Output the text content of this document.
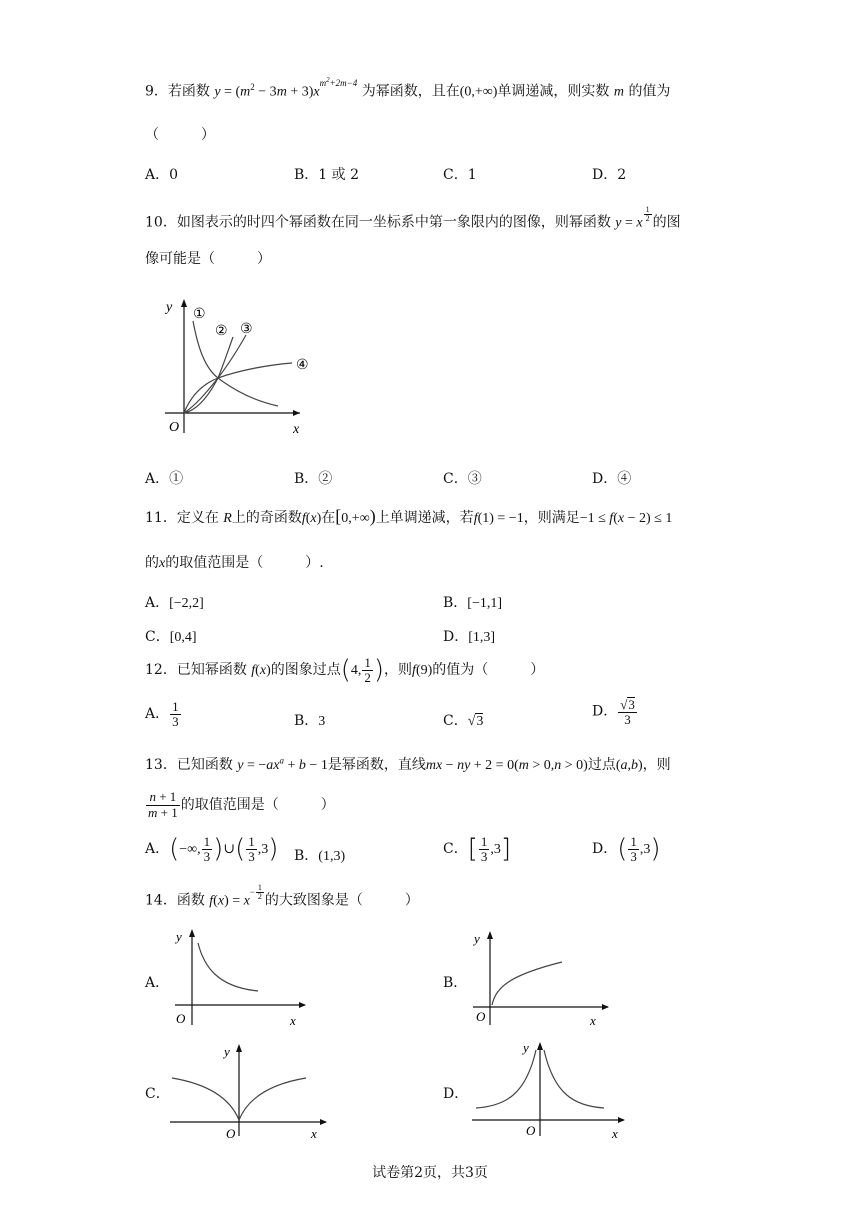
9．若函数 $y = (m^2 - 3m + 3)x^{m^2+2m-4}$ 为幂函数，且在(0,+∞)单调递减，则实数 m 的值为
（　　　）
A．0	B．1 或 2	C．1	D．2
10．如图表示的时四个幂函数在同一坐标系中第一象限内的图像，则幂函数 y = x $^{\frac{1}{2}}$ 的图
像可能是（　　　）
y
x
O
①
② ③
④
A．①	B．②	C．③	D．④
11．定义在 R上的奇函数f(x)在[0,+∞)上单调递减，若f(1) = −1，则满足−1 ≤ f(x − 2) ≤ 1
的x的取值范围是（　　　）.
A．[−2,2]	B．[−1,1]
C．[0,4]	D．[1,3]
12．已知幂函数 f(x)的图象过点(4, $\frac{1}{2}$ )，则f(9)的值为（　　　）
A． $\frac{1}{3}$	B．3	C．√3
D． $\frac{√3}{3}$
13．已知函数 $y = -ax^a + b - 1$是幂函数，直线mx − ny + 2 = 0(m > 0,n > 0)过点(a,b)，则
$\frac{n + 1}{m + 1}$ 的取值范围是（　　　）
A．(−∞, $\frac{1}{3}$ )∪( $\frac{1}{3} ,3$) B．(1,3)	C．[ $\frac{1}{3} ,3$]	D．( $\frac{1}{3} ,3$)
14．函数 $f(x) = x^{- \frac{1}{2}}$ 的大致图象是（　　　）
A．
y
x
O
B．
y
x
O
C．
y
x
O
D．
y
x
O
试卷第2页，共3页
